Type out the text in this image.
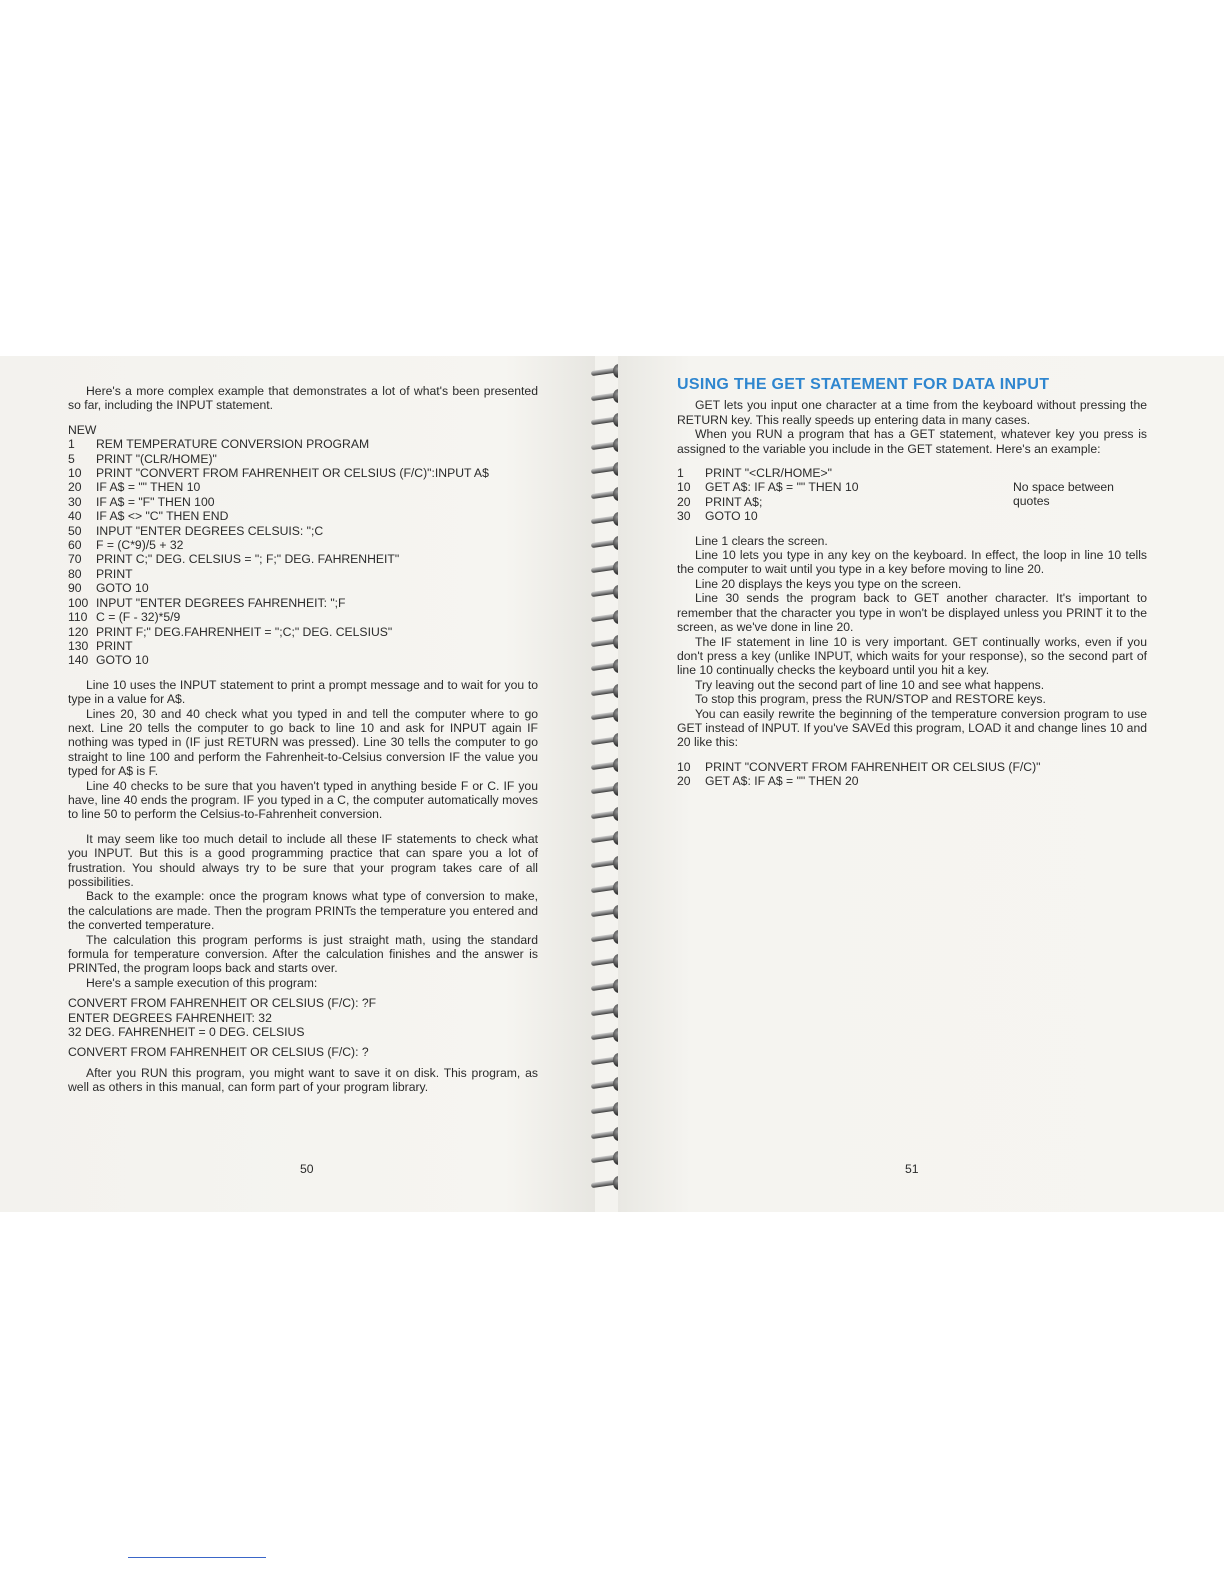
Here's a more complex example that demonstrates a lot of what's been presented so far, including the INPUT statement.

NEW
1	REM TEMPERATURE CONVERSION PROGRAM
5	PRINT "(CLR/HOME)"
10	PRINT "CONVERT FROM FAHRENHEIT OR CELSIUS (F/C)":INPUT A$
20	IF A$ = "" THEN 10
30	IF A$ = "F" THEN 100
40	IF A$ <> "C" THEN END
50	INPUT "ENTER DEGREES CELSUIS: ";C
60	F = (C*9)/5 + 32
70	PRINT C;" DEG. CELSIUS = "; F;" DEG. FAHRENHEIT"
80	PRINT
90	GOTO 10
100 INPUT "ENTER DEGREES FAHRENHEIT: ";F
110 C = (F - 32)*5/9
120 PRINT F;" DEG.FAHRENHEIT = ";C;" DEG. CELSIUS"
130 PRINT
140 GOTO 10

Line 10 uses the INPUT statement to print a prompt message and to wait for you to type in a value for A$.

Lines 20, 30 and 40 check what you typed in and tell the computer where to go next. Line 20 tells the computer to go back to line 10 and ask for INPUT again IF nothing was typed in (IF just RETURN was pressed). Line 30 tells the computer to go straight to line 100 and perform the Fahrenheit-to-Celsius conversion IF the value you typed for A$ is F.

Line 40 checks to be sure that you haven't typed in anything beside F or C. IF you have, line 40 ends the program. IF you typed in a C, the computer automatically moves to line 50 to perform the Celsius-to-Fahrenheit conversion.

It may seem like too much detail to include all these IF statements to check what you INPUT. But this is a good programming practice that can spare you a lot of frustration. You should always try to be sure that your program takes care of all possibilities.

Back to the example: once the program knows what type of conversion to make, the calculations are made. Then the program PRINTs the temperature you entered and the converted temperature.

The calculation this program performs is just straight math, using the standard formula for temperature conversion. After the calculation finishes and the answer is PRINTed, the program loops back and starts over.

Here's a sample execution of this program:

CONVERT FROM FAHRENHEIT OR CELSIUS (F/C): ?F
ENTER DEGREES FAHRENHEIT: 32
32 DEG. FAHRENHEIT = 0 DEG. CELSIUS
CONVERT FROM FAHRENHEIT OR CELSIUS (F/C): ?

After you RUN this program, you might want to save it on disk. This program, as well as others in this manual, can form part of your program library.

50
USING THE GET STATEMENT FOR DATA INPUT

GET lets you input one character at a time from the keyboard without pressing the RETURN key. This really speeds up entering data in many cases.

When you RUN a program that has a GET statement, whatever key you press is assigned to the variable you include in the GET statement. Here's an example:

1	PRINT "<CLR/HOME>"
10	GET A$: IF A$ = "" THEN 10
20	PRINT A$;
30	GOTO 10
No space between
quotes

Line 1 clears the screen.

Line 10 lets you type in any key on the keyboard. In effect, the loop in line 10 tells the computer to wait until you type in a key before moving to line 20.

Line 20 displays the keys you type on the screen.

Line 30 sends the program back to GET another character. It's important to remember that the character you type in won't be displayed unless you PRINT it to the screen, as we've done in line 20.

The IF statement in line 10 is very important. GET continually works, even if you don't press a key (unlike INPUT, which waits for your response), so the second part of line 10 continually checks the keyboard until you hit a key.

Try leaving out the second part of line 10 and see what happens.

To stop this program, press the RUN/STOP and RESTORE keys.

You can easily rewrite the beginning of the temperature conversion program to use GET instead of INPUT. If you've SAVEd this program, LOAD it and change lines 10 and 20 like this:

10	PRINT "CONVERT FROM FAHRENHEIT OR CELSIUS (F/C)"
20	GET A$: IF A$ = "" THEN 20
51
